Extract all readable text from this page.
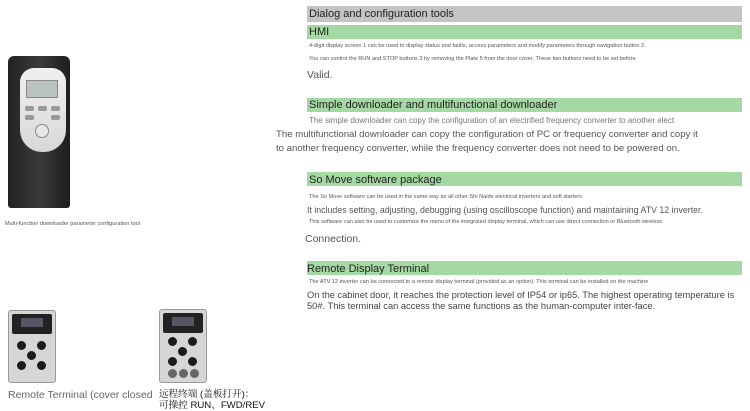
Dialog and configuration tools
HMI
4-digit display screen 1 can be used to display status and faults, access parameters and modify parameters through navigation button 2.
You can control the RUN and STOP buttons 3 by removing the Plate 5 from the door cover. These two buttons need to be set before
Valid.
Simple downloader and multifunctional downloader
The simple downloader can copy the configuration of an electrified frequency converter to another elect
The multifunctional downloader can copy the configuration of PC or frequency converter and copy it
to another frequency converter, while the frequency converter does not need to be powered on.
So Move software package
The So Move software can be used in the same way as all other Shi Naide electrical inverters and soft starters.
It includes setting, adjusting, debugging (using oscilloscope function) and maintaining ATV 12 inverter.
This software can also be used to customize the menu of the integrated display terminal, which can use direct connection or Bluetooth wireless
Connection.
Remote Display Terminal
The ATV 12 inverter can be connected to a remote display terminal (provided as an option). This terminal can be installed on the machine
On the cabinet door, it reaches the protection level of IP54 or ip65. The highest operating temperature is 50#. This terminal can access the same functions as the human-computer inter-face.
Multi-function downloader parameter configuration tool
Remote Terminal (cover closed 远程终端 (盖板打开)：
可操控 RUN、FWD/REV
